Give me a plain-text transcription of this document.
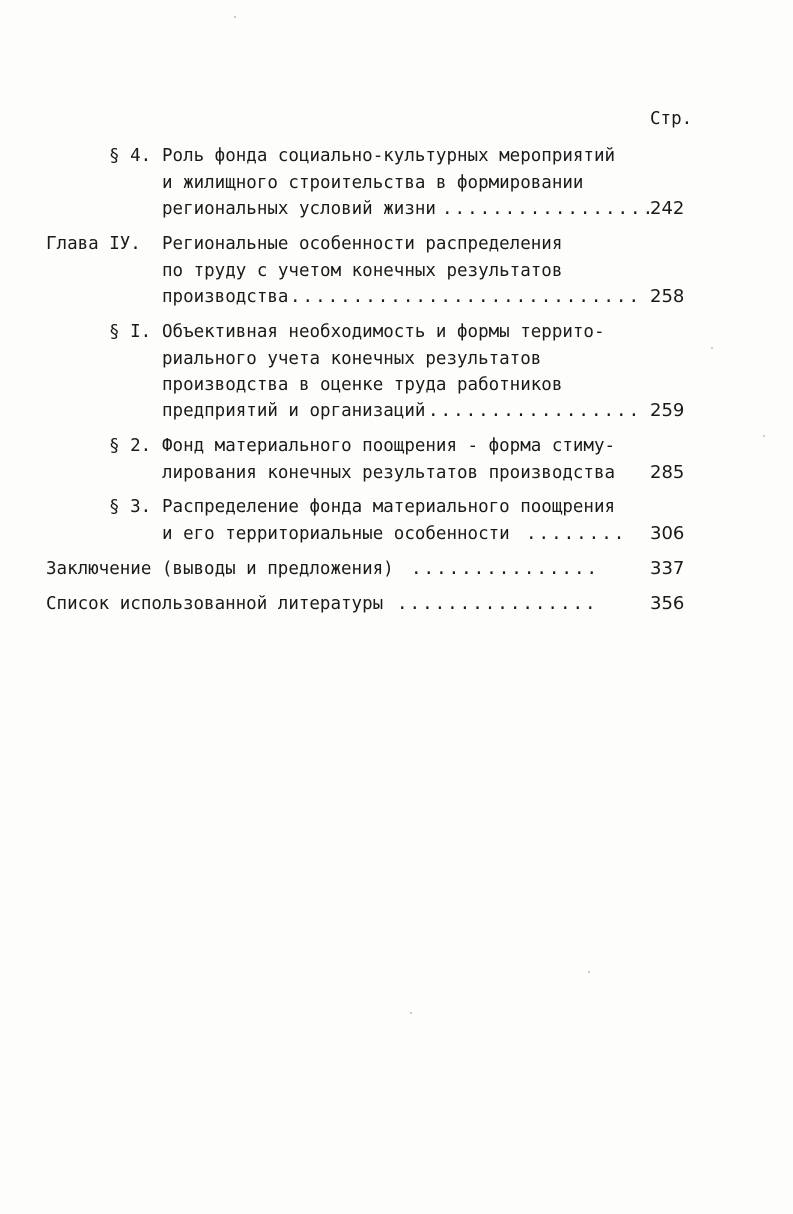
Стр.
§ 4. Роль фонда социально-культурных мероприятий
и жилищного строительства в формировании
региональных условий жизни .................
242
Глава IУ. Региональные особенности распределения
по труду с учетом конечных результатов
производства ............................ 258
§ I. Объективная необходимость и формы террито-
риального учета конечных результатов
производства в оценке труда работников
предприятий и организаций ................. 259
§ 2. Фонд материального поощрения - форма стиму-
лирования конечных результатов производства 285
§ 3. Распределение фонда материального поощрения
и его территориальные особенности ........ 306
Заключение (выводы и предложения) ...............	337
Список использованной литературы ................	356
